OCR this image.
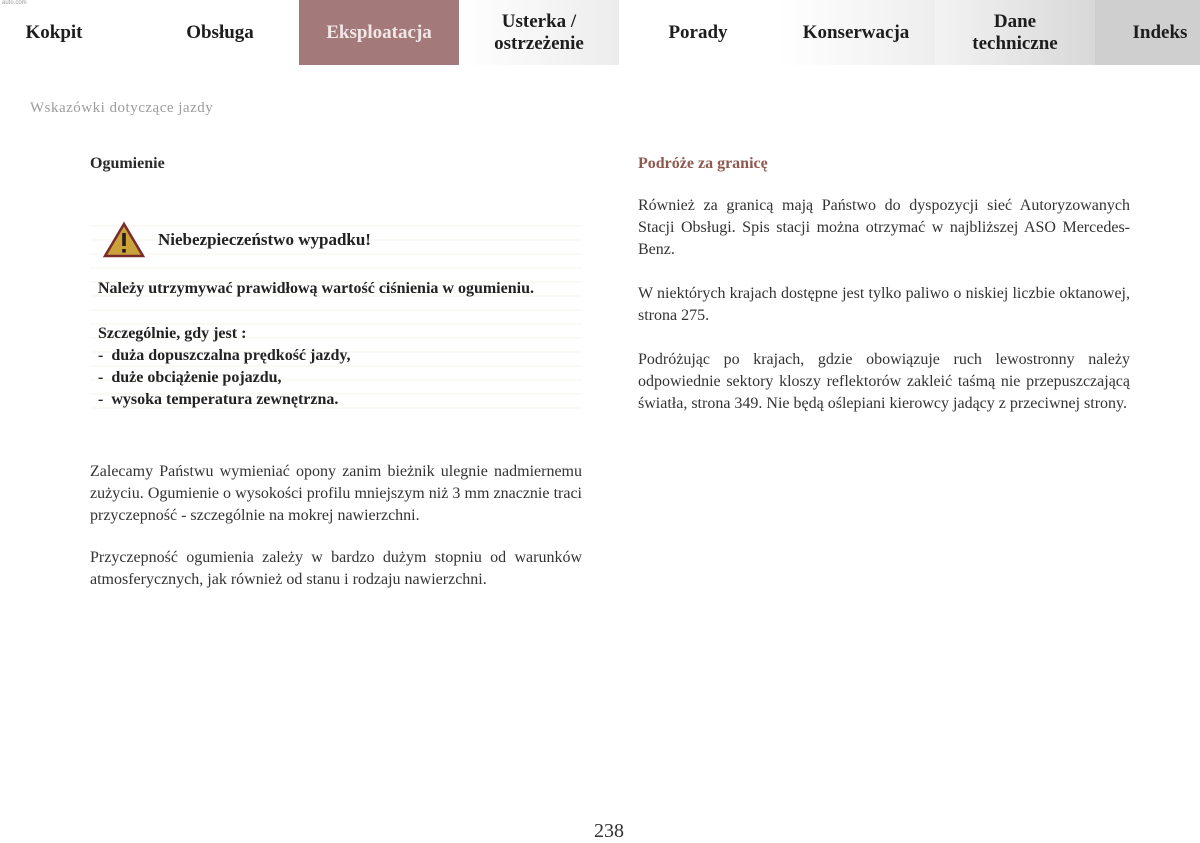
auto.com
Kokpit	Obsługa	Eksploatacja
Usterka / ostrzeżenie
Porady	Konserwacja
Dane techniczne
Indeks
Wskazówki dotyczące jazdy
Ogumienie
Niebezpieczeństwo wypadku!
Należy utrzymywać prawidłową wartość ciśnienia w ogumieniu.
Szczególnie, gdy jest :
-  duża dopuszczalna prędkość jazdy,
-  duże obciążenie pojazdu,
-  wysoka temperatura zewnętrzna.

Zalecamy Państwu wymieniać opony zanim bieżnik ulegnie nadmiernemu zużyciu. Ogumienie o wysokości profilu mniejszym niż 3 mm znacznie traci przyczepność - szczególnie na mokrej nawierzchni.

Przyczepność ogumienia zależy w bardzo dużym stopniu od warunków atmosferycznych, jak również od stanu i rodzaju nawierzchni.

Podróże za granicę

Również za granicą mają Państwo do dyspozycji sieć Autoryzowanych Stacji Obsługi. Spis stacji można otrzymać w najbliższej ASO Mercedes-Benz.

W niektórych krajach dostępne jest tylko paliwo o niskiej liczbie oktanowej, strona 275.

Podróżując po krajach, gdzie obowiązuje ruch lewostronny należy odpowiednie sektory kloszy reflektorów zakleić taśmą nie przepuszczającą światła, strona 349. Nie będą oślepiani kierowcy jadący z przeciwnej strony.

238
